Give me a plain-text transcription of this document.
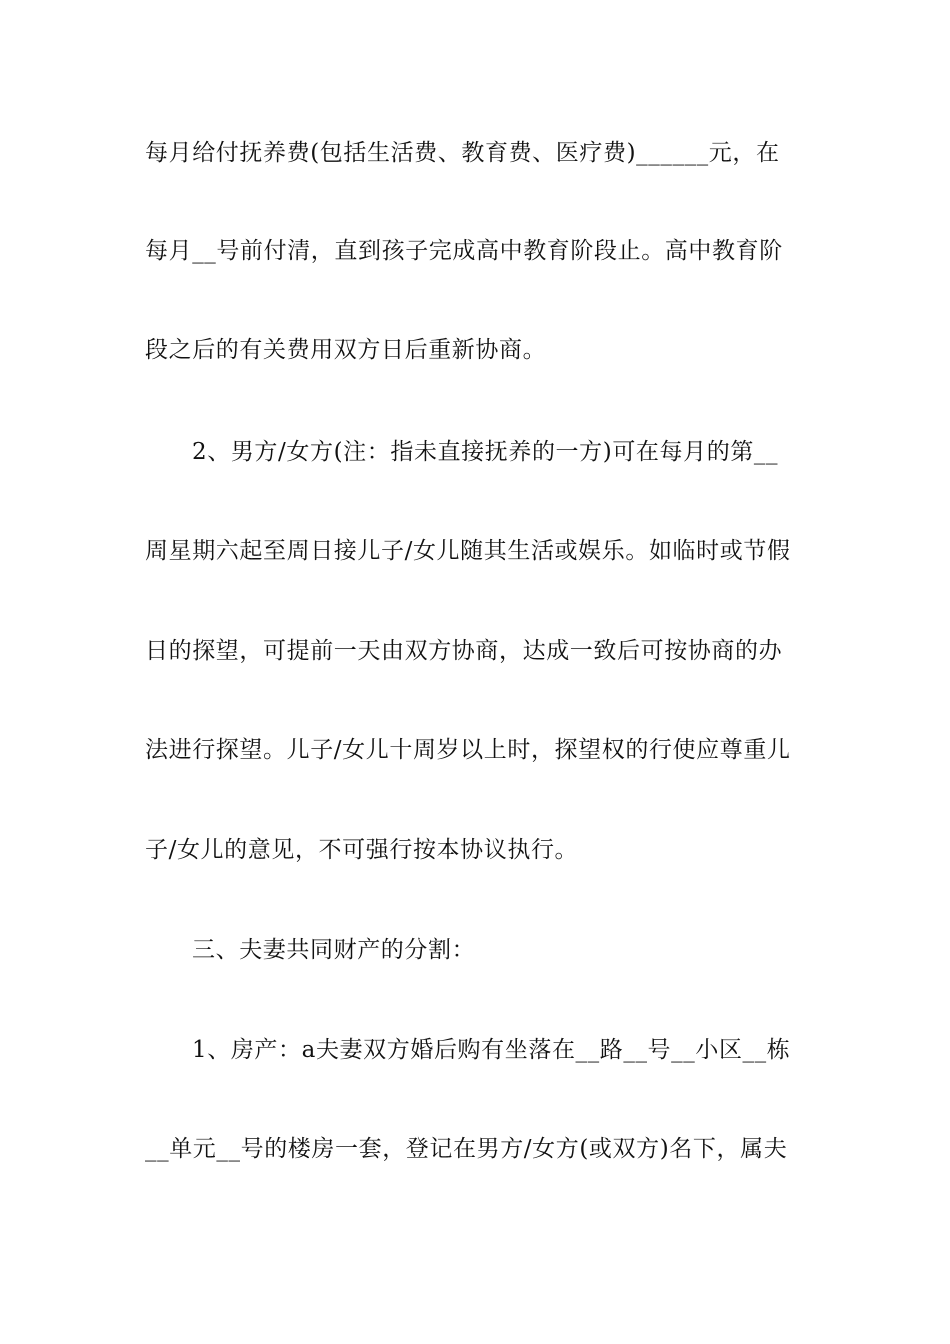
每月给付抚养费(包括生活费、教育费、医疗费)______元，在
每月__号前付清，直到孩子完成高中教育阶段止。高中教育阶
段之后的有关费用双方日后重新协商。
2、男方/女方(注：指未直接抚养的一方)可在每月的第__
周星期六起至周日接儿子/女儿随其生活或娱乐。如临时或节假
日的探望，可提前一天由双方协商，达成一致后可按协商的办
法进行探望。儿子/女儿十周岁以上时，探望权的行使应尊重儿
子/女儿的意见，不可强行按本协议执行。
三、夫妻共同财产的分割：
1、房产：a夫妻双方婚后购有坐落在__路__号__小区__栋
__单元__号的楼房一套，登记在男方/女方(或双方)名下，属夫
